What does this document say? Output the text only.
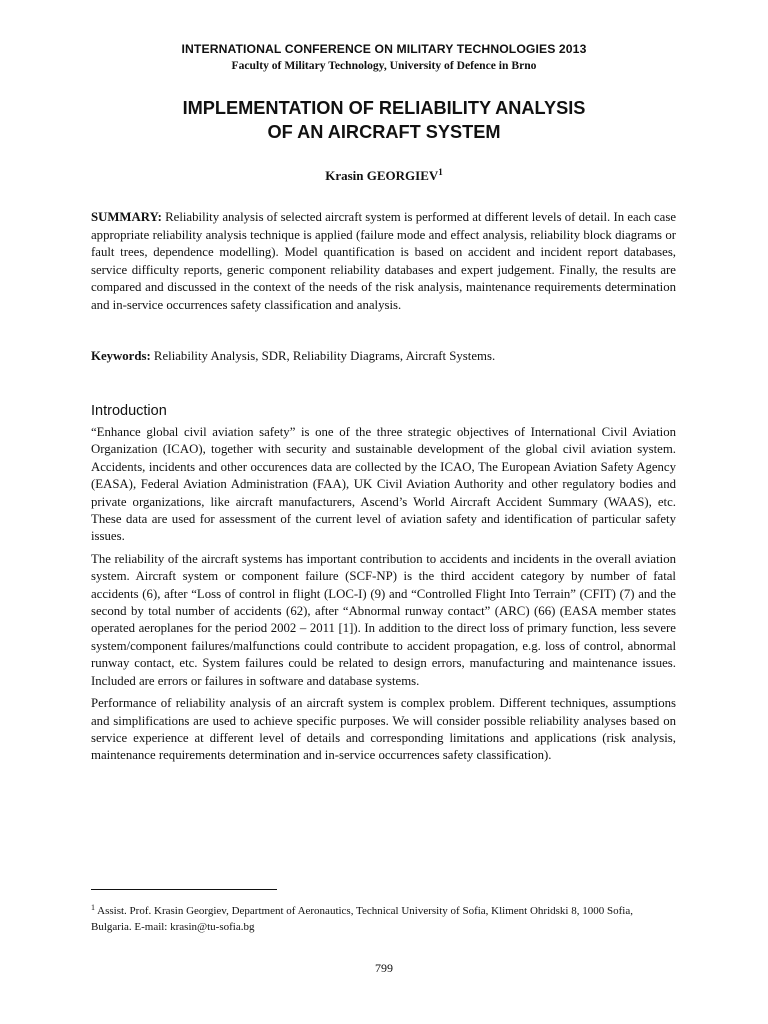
INTERNATIONAL CONFERENCE ON MILITARY TECHNOLOGIES 2013
Faculty of Military Technology, University of Defence in Brno
IMPLEMENTATION OF RELIABILITY ANALYSIS
OF AN AIRCRAFT SYSTEM
Krasin GEORGIEV$^1$
SUMMARY: Reliability analysis of selected aircraft system is performed at different levels of detail. In each case appropriate reliability analysis technique is applied (failure mode and effect analysis, reliability block diagrams or fault trees, dependence modelling). Model quantification is based on accident and incident report databases, service difficulty reports, generic component reliability databases and expert judgement. Finally, the results are compared and discussed in the context of the needs of the risk analysis, maintenance requirements determination and in-service occurrences safety classification and analysis.
Keywords: Reliability Analysis, SDR, Reliability Diagrams, Aircraft Systems.
Introduction

“Enhance global civil aviation safety” is one of the three strategic objectives of International Civil Aviation Organization (ICAO), together with security and sustainable development of the global civil aviation system. Accidents, incidents and other occurences data are collected by the ICAO, The European Aviation Safety Agency (EASA), Federal Aviation Administration (FAA), UK Civil Aviation Authority and other regulatory bodies and private organizations, like aircraft manufacturers, Ascend’s World Aircraft Accident Summary (WAAS), etc. These data are used for assessment of the current level of aviation safety and identification of particular safety issues.

The reliability of the aircraft systems has important contribution to accidents and incidents in the overall aviation system. Aircraft system or component failure (SCF-NP) is the third accident category by number of fatal accidents (6), after “Loss of control in flight (LOC-I) (9) and “Controlled Flight Into Terrain” (CFIT) (7) and the second by total number of accidents (62), after “Abnormal runway contact” (ARC) (66) (EASA member states operated aeroplanes for the period 2002 – 2011 [1]). In addition to the direct loss of primary function, less severe system/component failures/malfunctions could contribute to accident propagation, e.g. loss of control, abnormal runway contact, etc. System failures could be related to design errors, manufacturing and maintenance issues. Included are errors or failures in software and database systems.

Performance of reliability analysis of an aircraft system is complex problem. Different techniques, assumptions and simplifications are used to achieve specific purposes. We will consider possible reliability analyses based on service experience at different level of details and corresponding limitations and applications (risk analysis, maintenance requirements determination and in-service occurrences safety classification).

$^1$ Assist. Prof. Krasin Georgiev, Department of Aeronautics, Technical University of Sofia, Kliment Ohridski 8, 1000 Sofia, Bulgaria. E-mail: krasin@tu-sofia.bg
799
